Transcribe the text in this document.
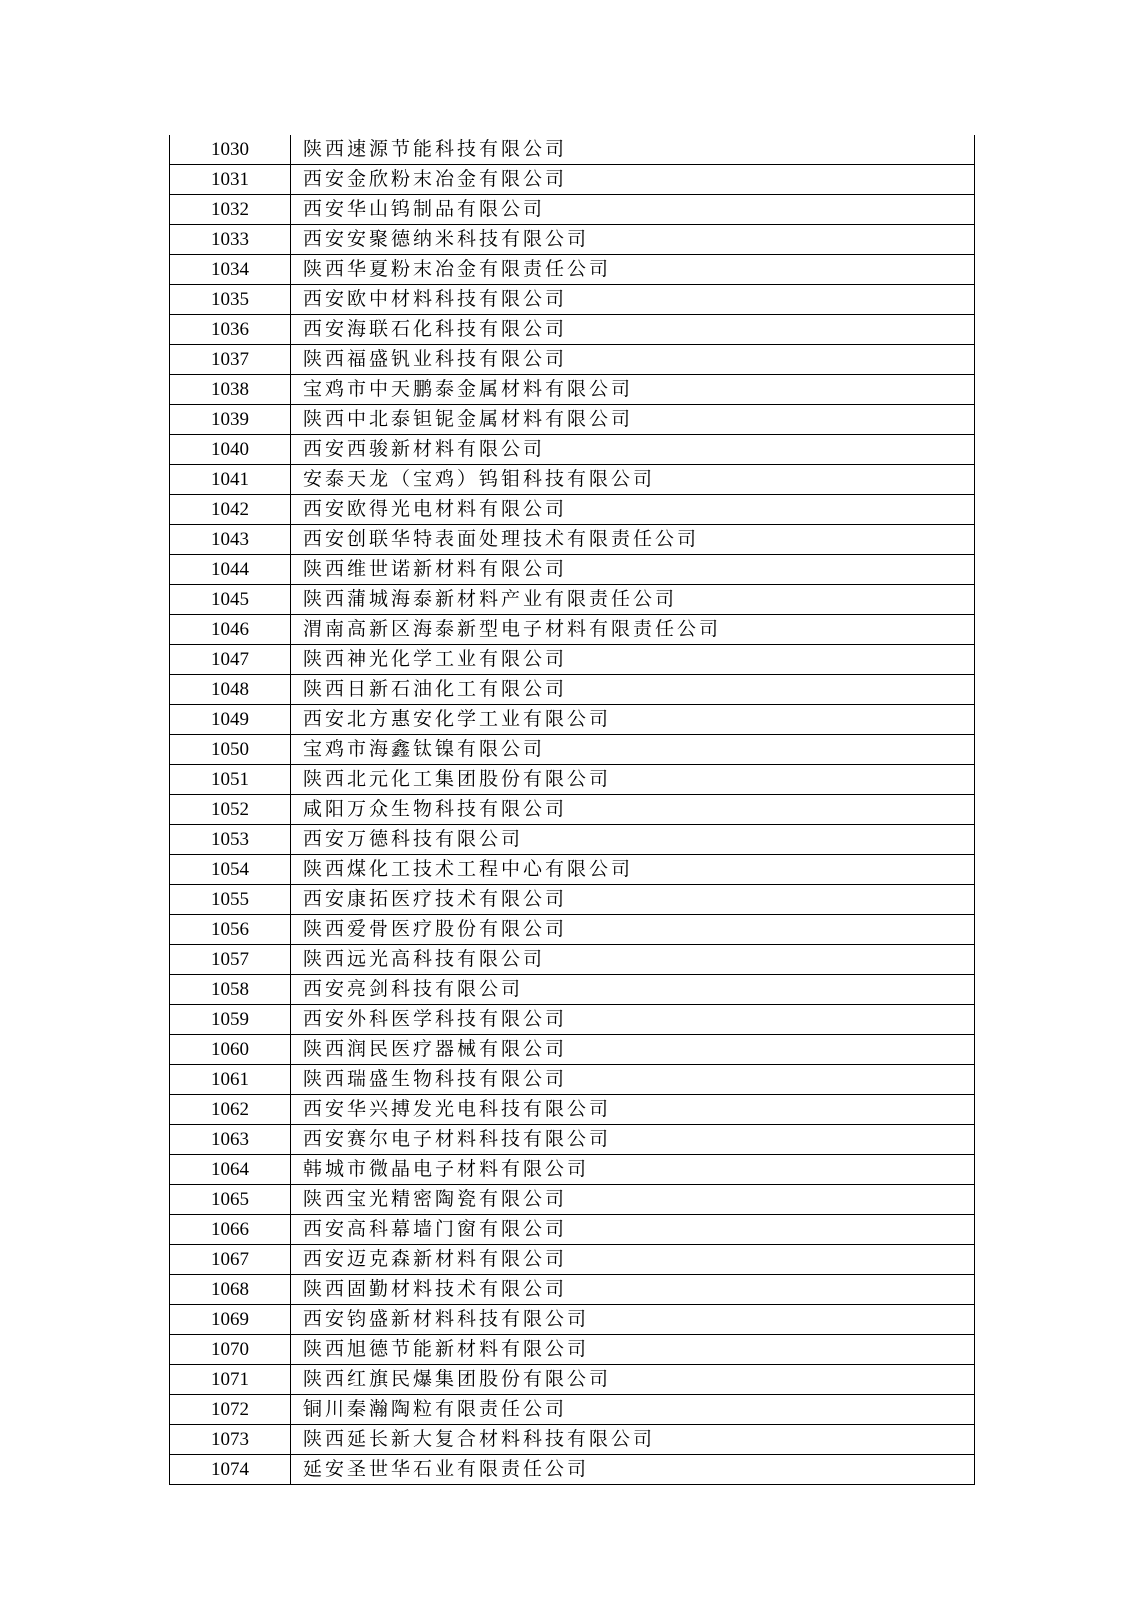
1030	陕西速源节能科技有限公司
1031	西安金欣粉末冶金有限公司
1032	西安华山钨制品有限公司
1033	西安安聚德纳米科技有限公司
1034	陕西华夏粉末冶金有限责任公司
1035	西安欧中材料科技有限公司
1036	西安海联石化科技有限公司
1037	陕西福盛钒业科技有限公司
1038	宝鸡市中天鹏泰金属材料有限公司
1039	陕西中北泰钽铌金属材料有限公司
1040	西安西骏新材料有限公司
1041	安泰天龙（宝鸡）钨钼科技有限公司
1042	西安欧得光电材料有限公司
1043	西安创联华特表面处理技术有限责任公司
1044	陕西维世诺新材料有限公司
1045	陕西蒲城海泰新材料产业有限责任公司
1046	渭南高新区海泰新型电子材料有限责任公司
1047	陕西神光化学工业有限公司
1048	陕西日新石油化工有限公司
1049	西安北方惠安化学工业有限公司
1050	宝鸡市海鑫钛镍有限公司
1051	陕西北元化工集团股份有限公司
1052	咸阳万众生物科技有限公司
1053	西安万德科技有限公司
1054	陕西煤化工技术工程中心有限公司
1055	西安康拓医疗技术有限公司
1056	陕西爱骨医疗股份有限公司
1057	陕西远光高科技有限公司
1058	西安亮剑科技有限公司
1059	西安外科医学科技有限公司
1060	陕西润民医疗器械有限公司
1061	陕西瑞盛生物科技有限公司
1062	西安华兴搏发光电科技有限公司
1063	西安赛尔电子材料科技有限公司
1064	韩城市微晶电子材料有限公司
1065	陕西宝光精密陶瓷有限公司
1066	西安高科幕墙门窗有限公司
1067	西安迈克森新材料有限公司
1068	陕西固勤材料技术有限公司
1069	西安钧盛新材料科技有限公司
1070	陕西旭德节能新材料有限公司
1071	陕西红旗民爆集团股份有限公司
1072	铜川秦瀚陶粒有限责任公司
1073	陕西延长新大复合材料科技有限公司
1074	延安圣世华石业有限责任公司
